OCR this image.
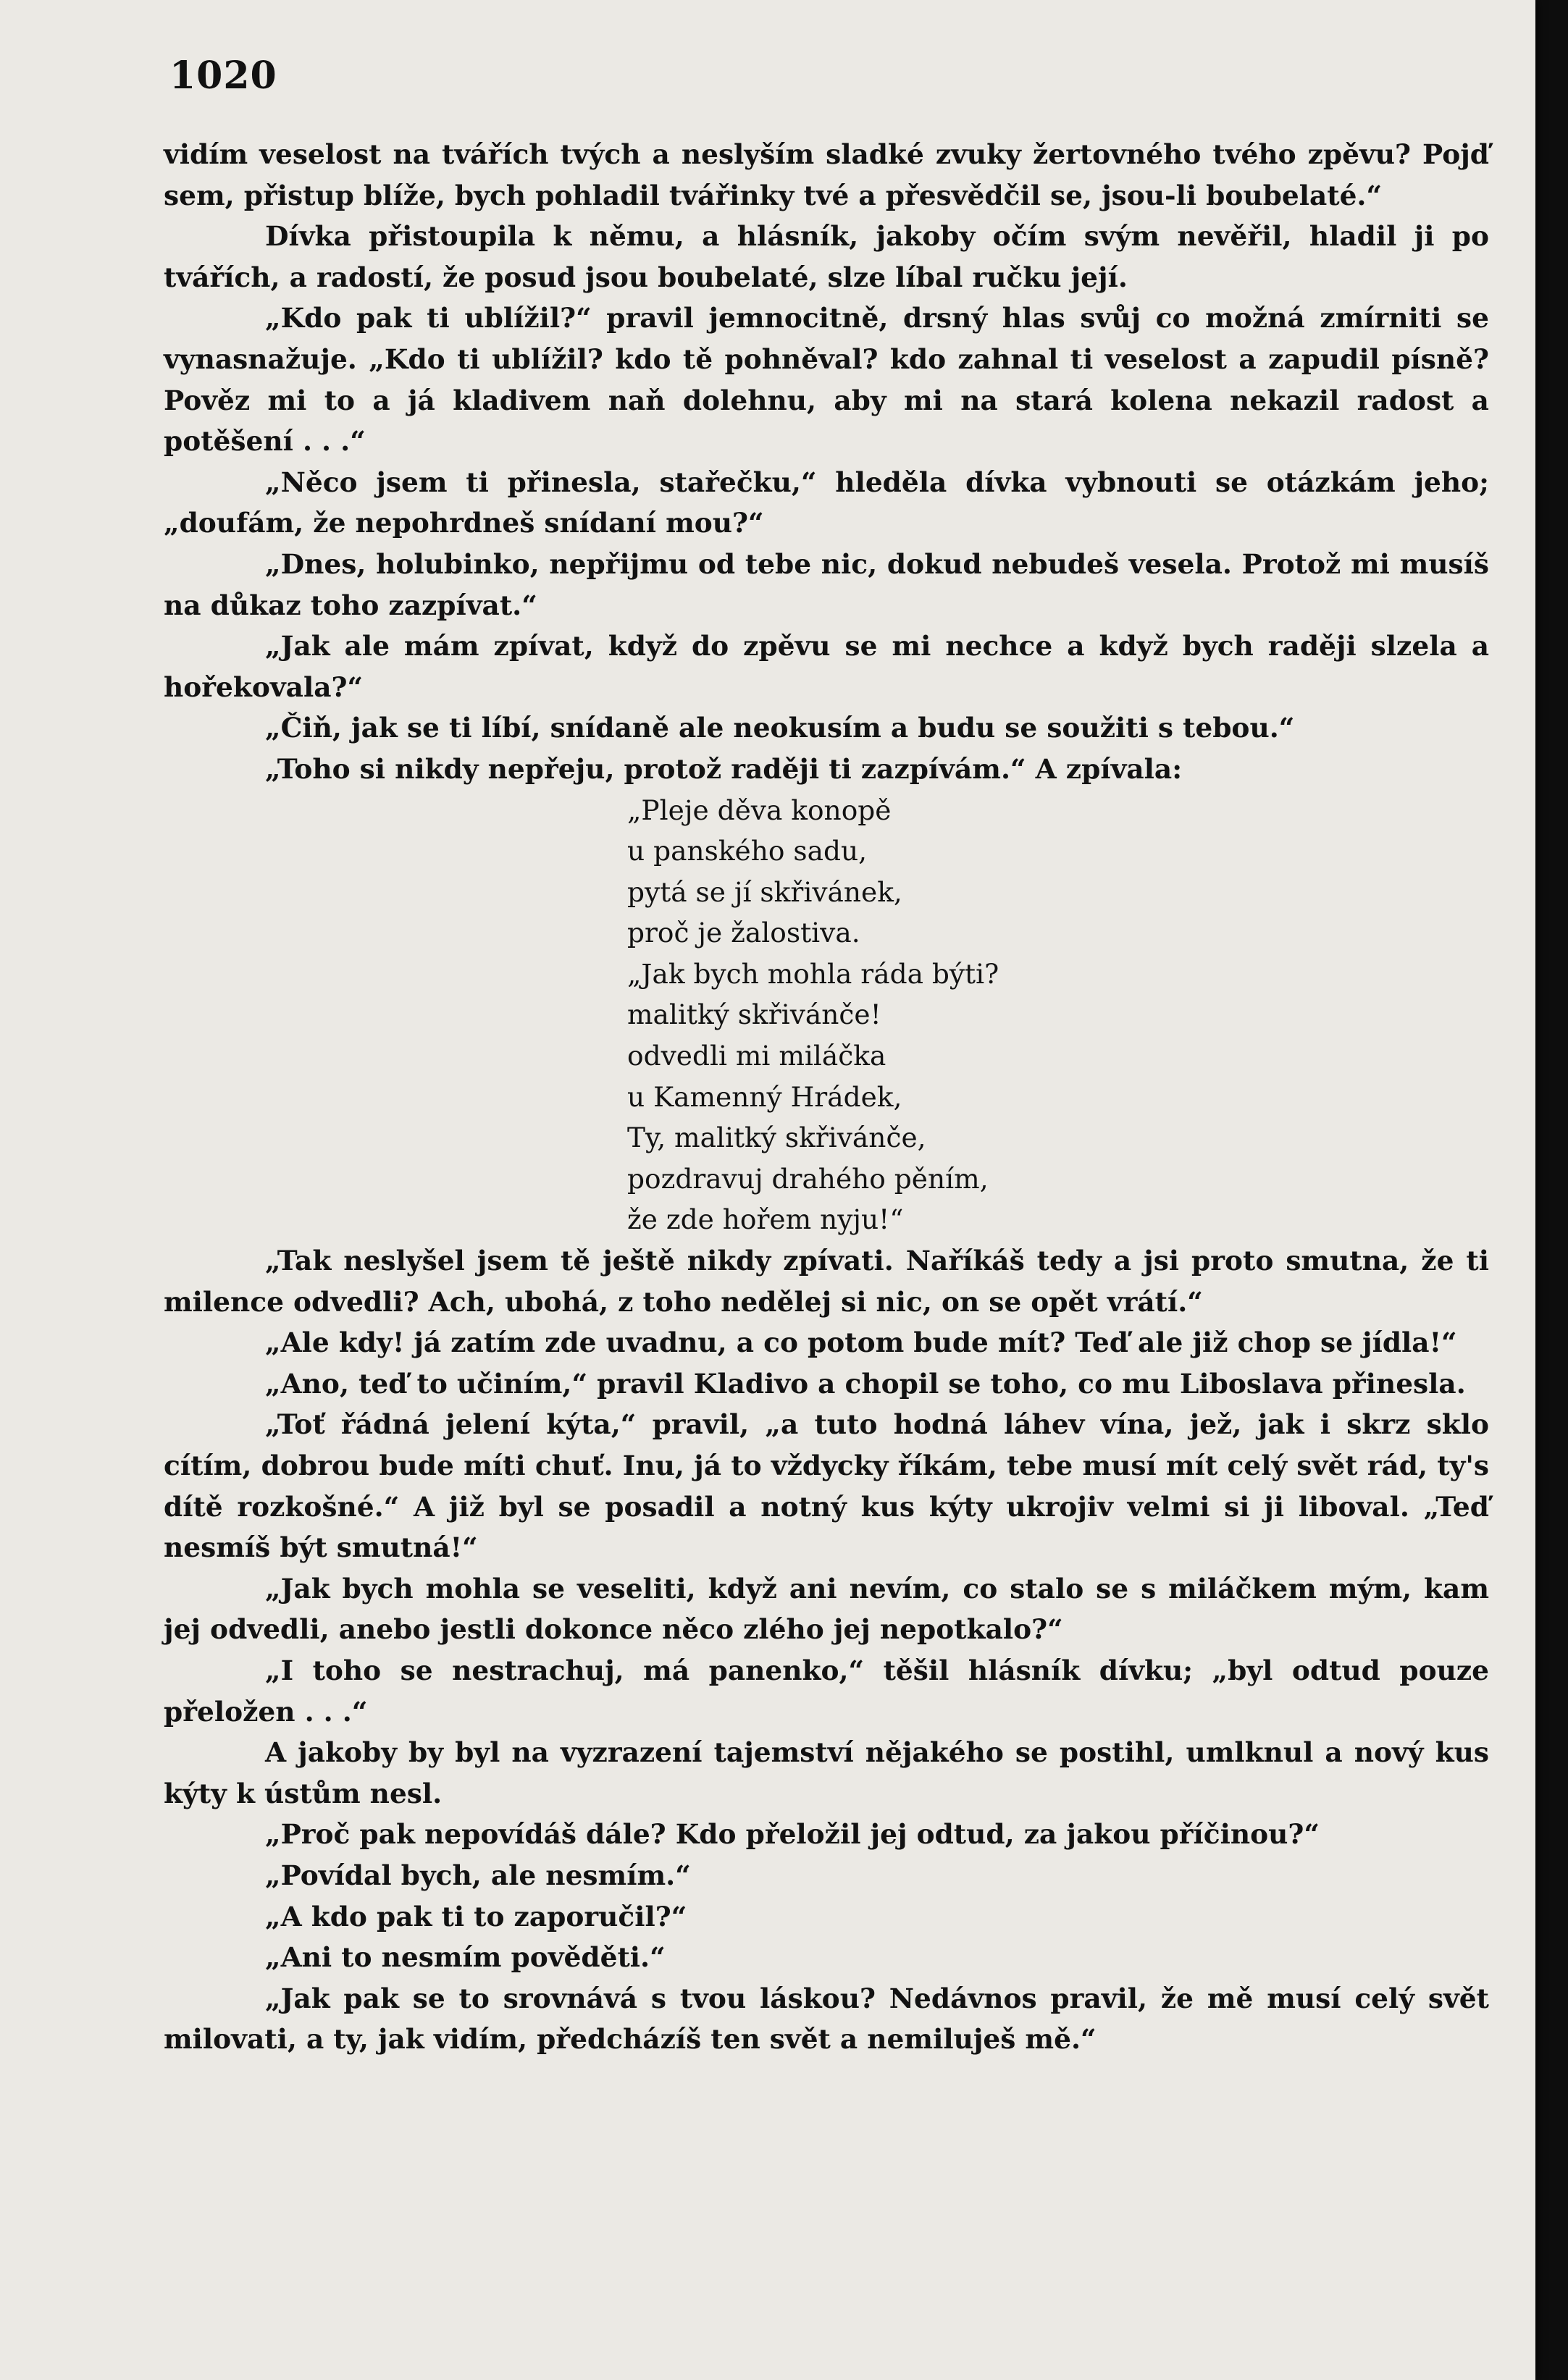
1020

vidím veselost na tvářích tvých a neslyším sladké zvuky žertovného tvého zpěvu? Pojď sem, přistup blíže, bych pohladil tvářinky tvé a přesvědčil se, jsou-li boubelaté.“

Dívka přistoupila k němu, a hlásník, jakoby očím svým nevěřil, hladil ji po tvářích, a radostí, že posud jsou boubelaté, slze líbal ručku její.

„Kdo pak ti ublížil?“ pravil jemnocitně, drsný hlas svůj co možná zmírniti se vynasnažuje. „Kdo ti ublížil? kdo tě pohněval? kdo zahnal ti veselost a zapudil písně? Pověz mi to a já kladivem naň dolehnu, aby mi na stará kolena nekazil radost a potěšení . . .“

„Něco jsem ti přinesla, stařečku,“ hleděla dívka vybnouti se otázkám jeho; „doufám, že nepohrdneš snídaní mou?“

„Dnes, holubinko, nepřijmu od tebe nic, dokud nebudeš vesela. Protož mi musíš na důkaz toho zazpívat.“

„Jak ale mám zpívat, když do zpěvu se mi nechce a když bych raději slzela a hořekovala?“

„Čiň, jak se ti líbí, snídaně ale neokusím a budu se soužiti s tebou.“

„Toho si nikdy nepřeju, protož raději ti zazpívám.“ A zpívala:

„Pleje děva konopě
u panského sadu,
pytá se jí skřivánek,
proč je žalostiva.
„Jak bych mohla ráda býti?
malitký skřivánče!
odvedli mi miláčka
u Kamenný Hrádek,
Ty, malitký skřivánče,
pozdravuj drahého pěním,
že zde hořem nyju!“

„Tak neslyšel jsem tě ještě nikdy zpívati. Naříkáš tedy a jsi proto smutna, že ti milence odvedli? Ach, ubohá, z toho nedělej si nic, on se opět vrátí.“

„Ale kdy! já zatím zde uvadnu, a co potom bude mít? Teď ale již chop se jídla!“

„Ano, teď to učiním,“ pravil Kladivo a chopil se toho, co mu Liboslava přinesla.

„Toť řádná jelení kýta,“ pravil, „a tuto hodná láhev vína, jež, jak i skrz sklo cítím, dobrou bude míti chuť. Inu, já to vždycky říkám, tebe musí mít celý svět rád, ty's dítě rozkošné.“ A již byl se posadil a notný kus kýty ukrojiv velmi si ji liboval. „Teď nesmíš být smutná!“

„Jak bych mohla se veseliti, když ani nevím, co stalo se s miláčkem mým, kam jej odvedli, anebo jestli dokonce něco zlého jej nepotkalo?“

„I toho se nestrachuj, má panenko,“ těšil hlásník dívku; „byl odtud pouze přeložen . . .“

A jakoby by byl na vyzrazení tajemství nějakého se postihl, umlknul a nový kus kýty k ústům nesl.

„Proč pak nepovídáš dále? Kdo přeložil jej odtud, za jakou příčinou?“

„Povídal bych, ale nesmím.“

„A kdo pak ti to zaporučil?“

„Ani to nesmím pověděti.“

„Jak pak se to srovnává s tvou láskou? Nedávnos pravil, že mě musí celý svět milovati, a ty, jak vidím, předcházíš ten svět a nemiluješ mě.“
